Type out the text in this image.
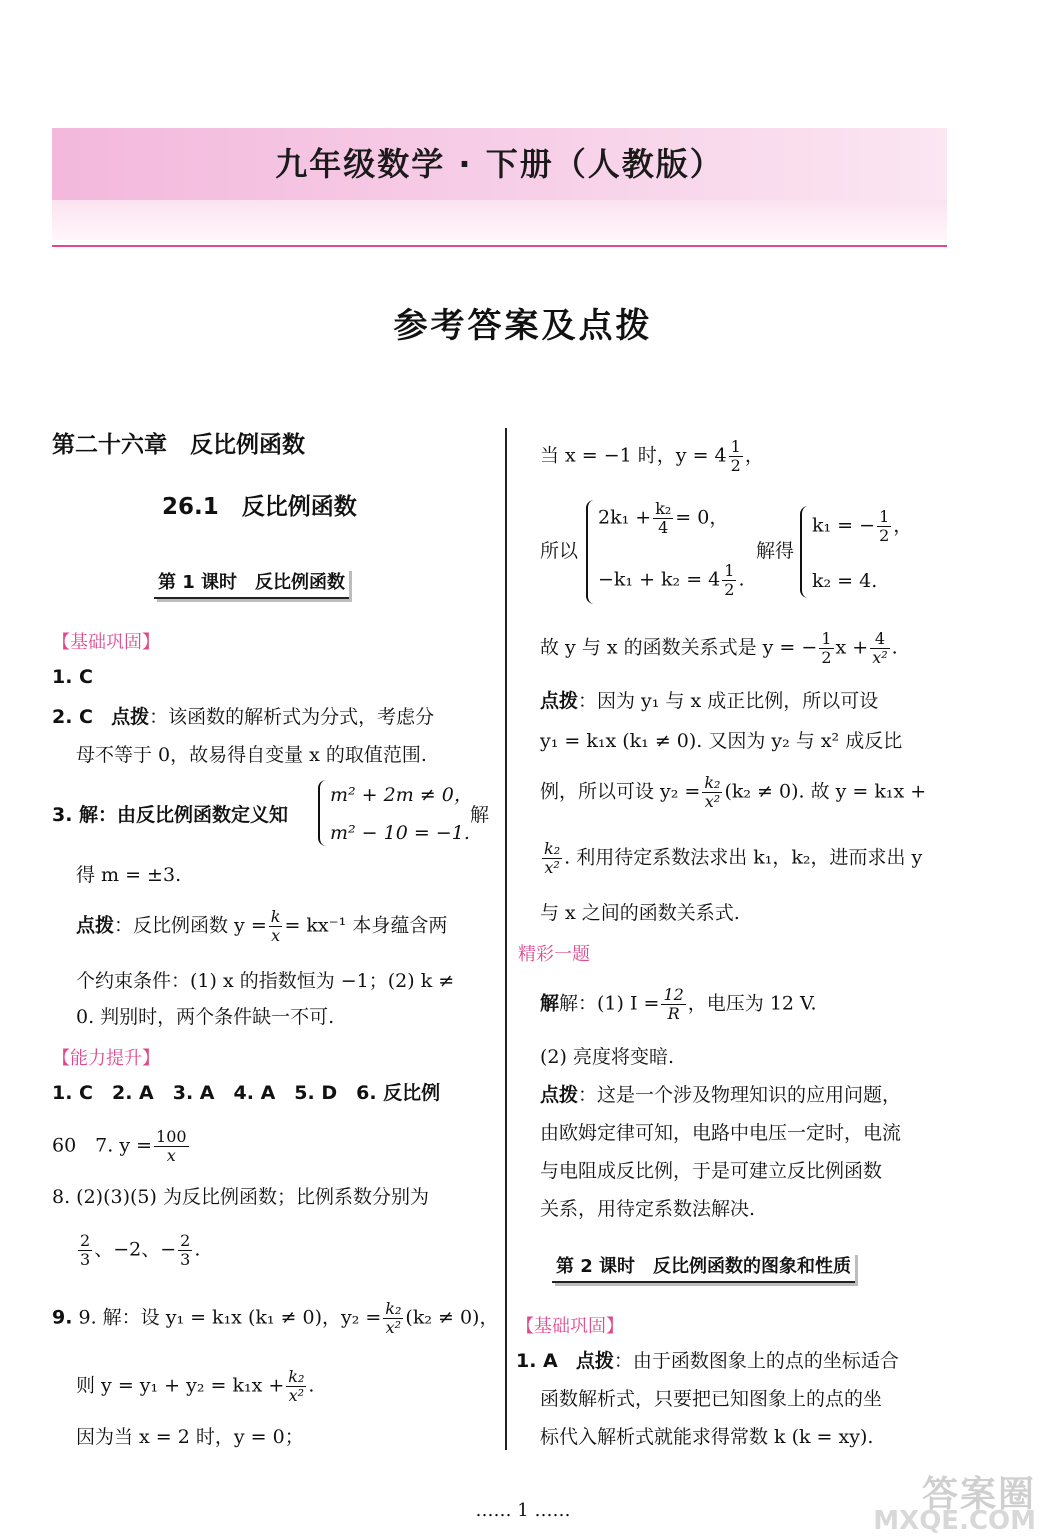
九年级数学 · 下册（人教版）
参考答案及点拨
第二十六章　反比例函数
26.1　反比例函数
第 1 课时　反比例函数
【基础巩固】
1. C
2. C 点拨：该函数的解析式为分式，考虑分
母不等于 0，故易得自变量 x 的取值范围.
3. 解：由反比例函数定义知
m² + 2m ≠ 0，
m² − 10 = −1.
解
得 m = ±3.
点拨：反比例函数 $y = \frac{k}{x} = kx^{-1}$ 本身蕴含两
个约束条件：(1) x 的指数恒为 −1；(2) k ≠
0. 判别时，两个条件缺一不可.
【能力提升】
1. C　2. A　3. A　4. A　5. D　6. 反比例
60　7. $y = \frac{100}{x}$
8. (2)(3)(5) 为反比例函数；比例系数分别为
$\frac{2}{3}$ 、−2、− $\frac{2}{3}$ .
9. 9. 解：设 y₁ = k₁x (k₁ ≠ 0)，$y_2 = \frac{\text{k₂}}{\text{x²}} (k_2 \ne 0)$，
则 $y = y_1 + y_2 = k_1x + \frac{\text{k₂}}{\text{x²}}$ .
因为当 x = 2 时，y = 0；
当 x = −1 时，$y = 4 \frac{1}{2}$ ，
所以
$2k_1 + \frac{\text{k₂}}{4} = 0$，
$-k_1 + k_2 = 4 \frac{1}{2}$ .
解得
k₁ = − $\frac{1}{2}$ ，
k₂ = 4.
故 y 与 x 的函数关系式是 y = − $\frac{1}{2}$ $x + \frac{4}{\text{x²}}$ .
点拨：因为 y₁ 与 x 成正比例，所以可设
y₁ = k₁x (k₁ ≠ 0). 又因为 y₂ 与 x² 成反比
例，所以可设 $y_2 = \frac{\text{k₂}}{\text{x²}} (k_2 \ne 0)$. 故 y = k₁x +
$\frac{\text{k₂}}{\text{x²}}$ . 利用待定系数法求出 k₁，k₂，进而求出 y
与 x 之间的函数关系式.
精彩一题
解解：(1) $I = \frac{12}{R}$ ，电压为 12 V.
(2) 亮度将变暗.
点拨：这是一个涉及物理知识的应用问题，
由欧姆定律可知，电路中电压一定时，电流
与电阻成反比例，于是可建立反比例函数
关系，用待定系数法解决.
第 2 课时　反比例函数的图象和性质
【基础巩固】
1. A 点拨：由于函数图象上的点的坐标适合
函数解析式，只要把已知图象上的点的坐
标代入解析式就能求得常数 k (k = xy).
…… 1 ……	答案圈
MXQE.COM
